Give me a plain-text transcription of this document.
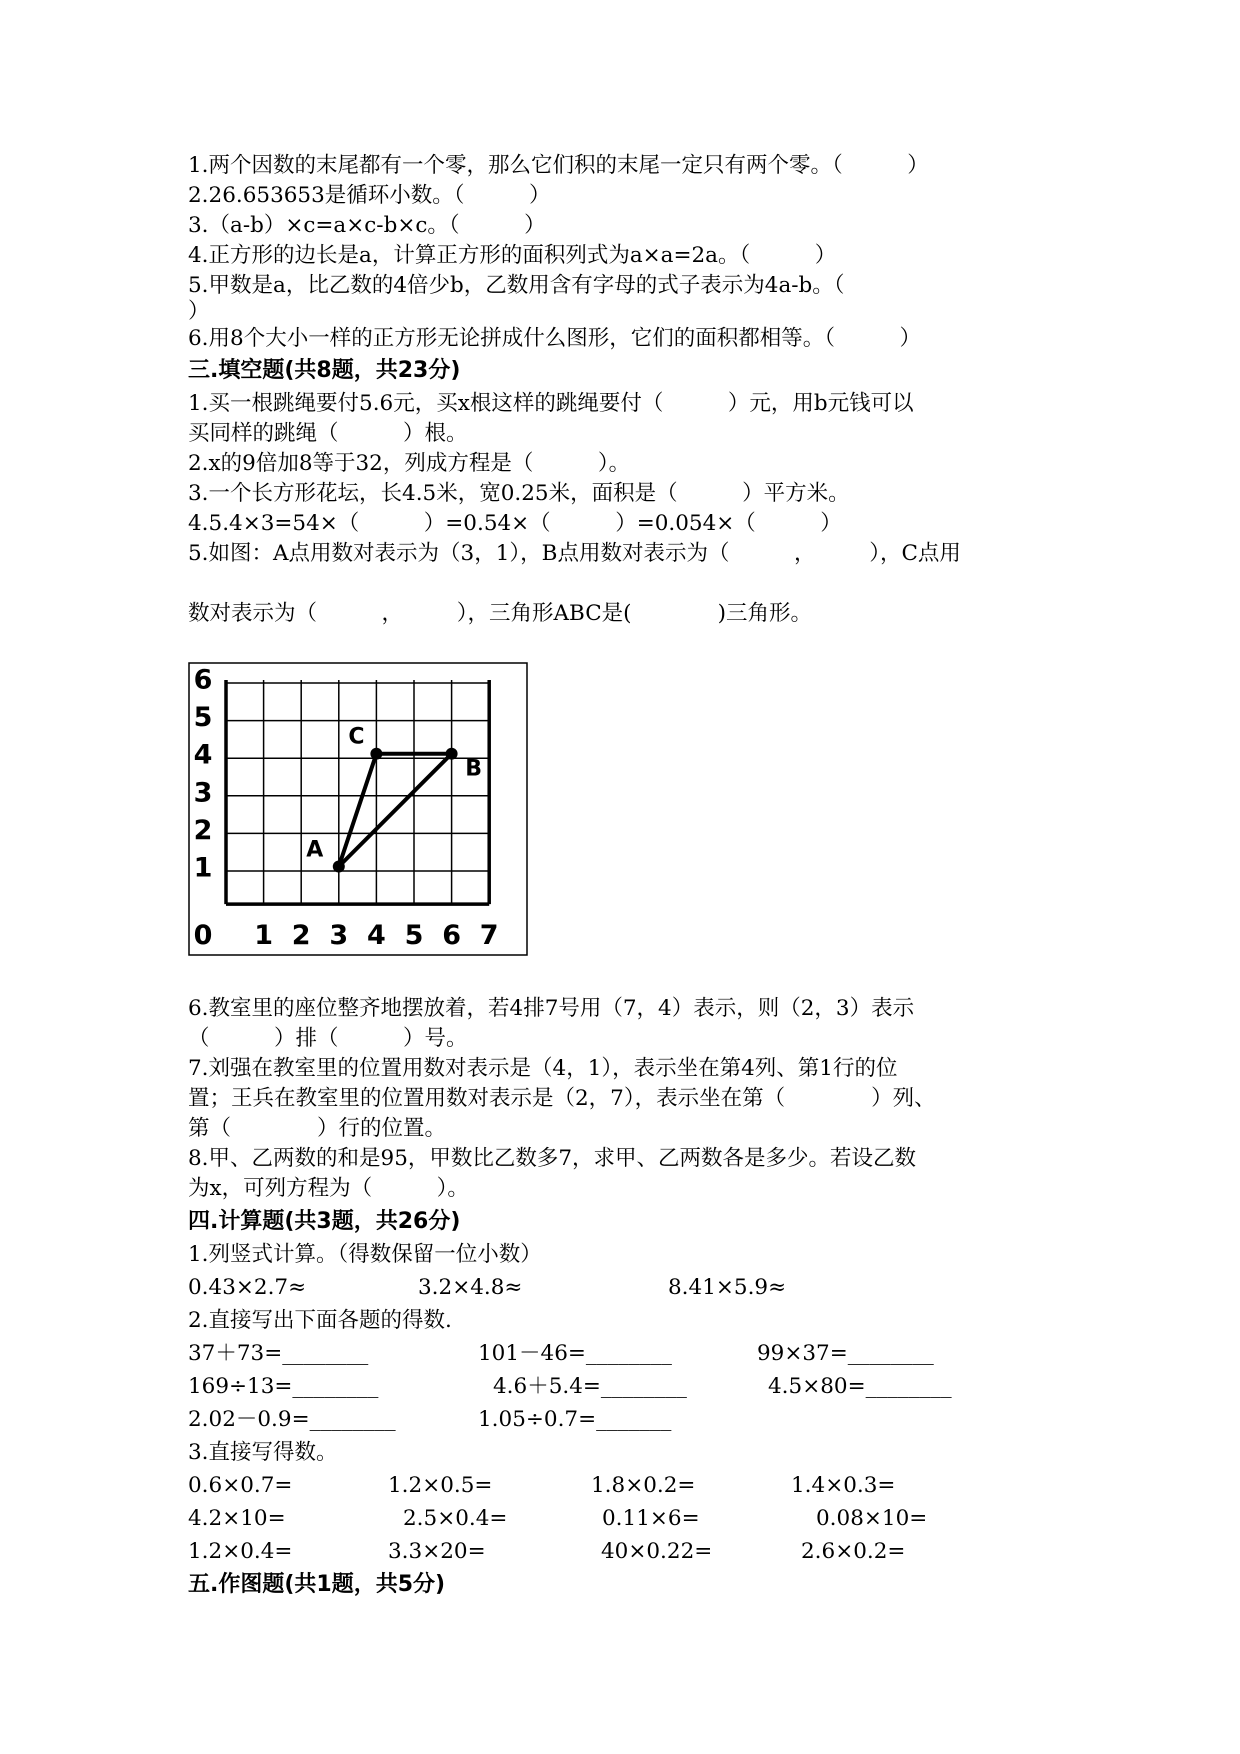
1.两个因数的末尾都有一个零，那么它们积的末尾一定只有两个零。（　　　）
2.26.653653是循环小数。（　　　）
3.（a-b）×c=a×c-b×c。（　　　）
4.正方形的边长是a，计算正方形的面积列式为a×a=2a。（　　　）
5.甲数是a，比乙数的4倍少b，乙数用含有字母的式子表示为4a-b。（
）
6.用8个大小一样的正方形无论拼成什么图形，它们的面积都相等。（　　　）
三.填空题(共8题，共23分)
1.买一根跳绳要付5.6元，买x根这样的跳绳要付（　　　）元，用b元钱可以
买同样的跳绳（　　　）根。
2.x的9倍加8等于32，列成方程是（　　　）。
3.一个长方形花坛，长4.5米，宽0.25米，面积是（　　　）平方米。
4.5.4×3=54×（　　　）=0.54×（　　　）=0.054×（　　　）
5.如图：A点用数对表示为（3，1），B点用数对表示为（　　　，　　　），C点用
数对表示为（　　　，　　　），三角形ABC是(　　　　)三角形。
0 1 2 3 4 5 6 7
1
2
3
4
5
6
A
B
C
6.教室里的座位整齐地摆放着，若4排7号用（7，4）表示，则（2，3）表示
（　　　）排（　　　）号。
7.刘强在教室里的位置用数对表示是（4，1），表示坐在第4列、第1行的位
置；王兵在教室里的位置用数对表示是（2，7），表示坐在第（　　　　）列、
第（　　　　）行的位置。
8.甲、乙两数的和是95，甲数比乙数多7，求甲、乙两数各是多少。若设乙数
为x，可列方程为（　　　）。
四.计算题(共3题，共26分)
1.列竖式计算。（得数保留一位小数）
0.43×2.7≈	3.2×4.8≈	8.41×5.9≈
2.直接写出下面各题的得数.
37＋73=________	101－46=________	99×37=________
169÷13=________	4.6＋5.4=________	4.5×80=________
2.02－0.9=________	1.05÷0.7=_______
3.直接写得数。
0.6×0.7=	1.2×0.5=	1.8×0.2=	1.4×0.3=
4.2×10=	2.5×0.4=	0.11×6=	0.08×10=
1.2×0.4=	3.3×20=	40×0.22=	2.6×0.2=
五.作图题(共1题，共5分)
